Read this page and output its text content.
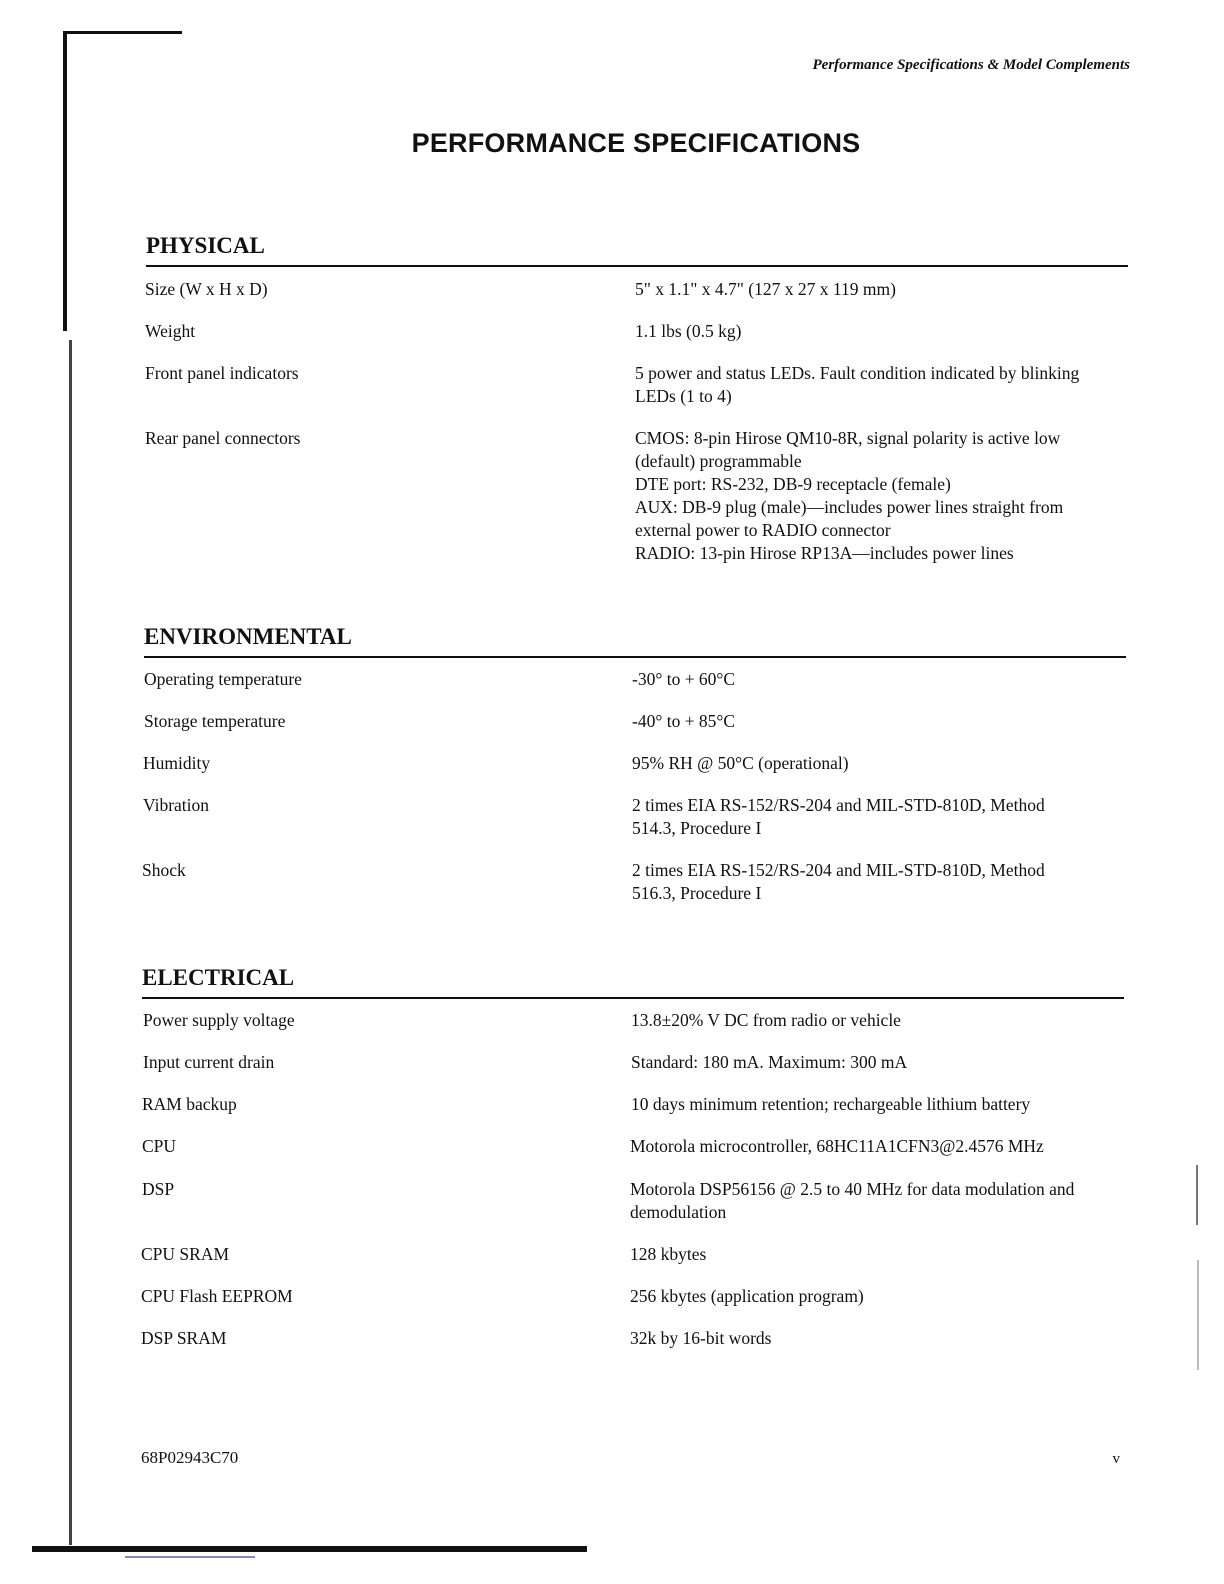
Performance Specifications & Model Complements
PERFORMANCE SPECIFICATIONS
PHYSICAL
Size (W x H x D)	5" x 1.1" x 4.7" (127 x 27 x 119 mm)
Weight	1.1 lbs (0.5 kg)
Front panel indicators	5 power and status LEDs. Fault condition indicated by blinking
LEDs (1 to 4)
Rear panel connectors	CMOS: 8-pin Hirose QM10-8R, signal polarity is active low
(default) programmable
DTE port: RS-232, DB-9 receptacle (female)
AUX: DB-9 plug (male)—includes power lines straight from
external power to RADIO connector
RADIO: 13-pin Hirose RP13A—includes power lines
ENVIRONMENTAL
Operating temperature	-30° to + 60°C
Storage temperature	-40° to + 85°C
Humidity	95% RH @ 50°C (operational)
Vibration	2 times EIA RS-152/RS-204 and MIL-STD-810D, Method
514.3, Procedure I
Shock	2 times EIA RS-152/RS-204 and MIL-STD-810D, Method
516.3, Procedure I
ELECTRICAL
Power supply voltage	13.8±20% V DC from radio or vehicle
Input current drain	Standard: 180 mA. Maximum: 300 mA
RAM backup	10 days minimum retention; rechargeable lithium battery
CPU	Motorola microcontroller, 68HC11A1CFN3@2.4576 MHz
DSP	Motorola DSP56156 @ 2.5 to 40 MHz for data modulation and
demodulation
CPU SRAM	128 kbytes
CPU Flash EEPROM	256 kbytes (application program)
DSP SRAM	32k by 16-bit words
68P02943C70	v
